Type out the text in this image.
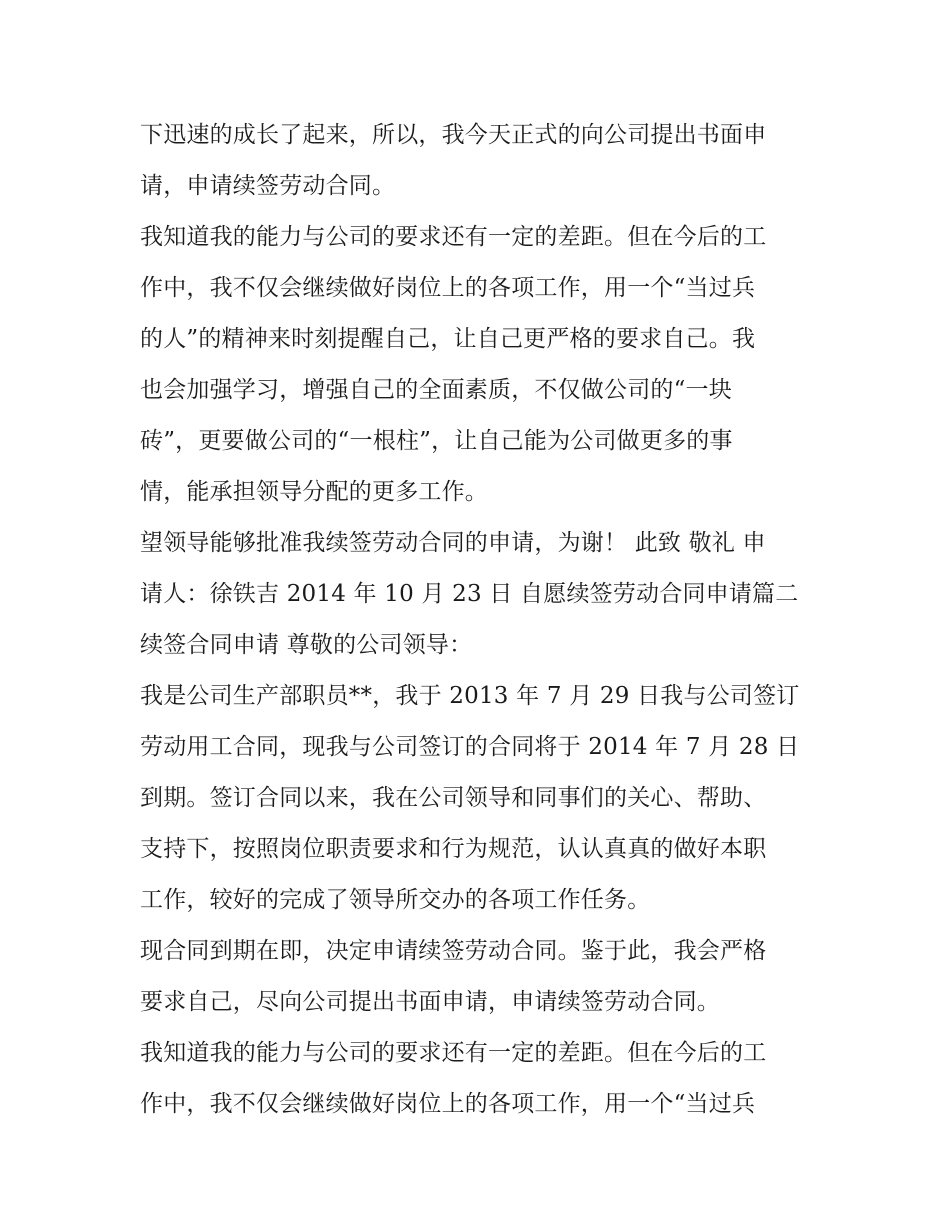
下迅速的成长了起来，所以，我今天正式的向公司提出书面申
请，申请续签劳动合同。
我知道我的能力与公司的要求还有一定的差距。但在今后的工
作中，我不仅会继续做好岗位上的各项工作，用一个“当过兵
的人”的精神来时刻提醒自己，让自己更严格的要求自己。我
也会加强学习，增强自己的全面素质，不仅做公司的“一块
砖”，更要做公司的“一根柱”，让自己能为公司做更多的事
情，能承担领导分配的更多工作。
望领导能够批准我续签劳动合同的申请，为谢！ 此致 敬礼 申
请人：徐铁吉 2014 年 10 月 23 日 自愿续签劳动合同申请篇二
续签合同申请 尊敬的公司领导：
我是公司生产部职员**，我于 2013 年 7 月 29 日我与公司签订
劳动用工合同，现我与公司签订的合同将于 2014 年 7 月 28 日
到期。签订合同以来，我在公司领导和同事们的关心、帮助、
支持下，按照岗位职责要求和行为规范，认认真真的做好本职
工作，较好的完成了领导所交办的各项工作任务。
现合同到期在即，决定申请续签劳动合同。鉴于此，我会严格
要求自己，尽向公司提出书面申请，申请续签劳动合同。
我知道我的能力与公司的要求还有一定的差距。但在今后的工
作中，我不仅会继续做好岗位上的各项工作，用一个“当过兵
